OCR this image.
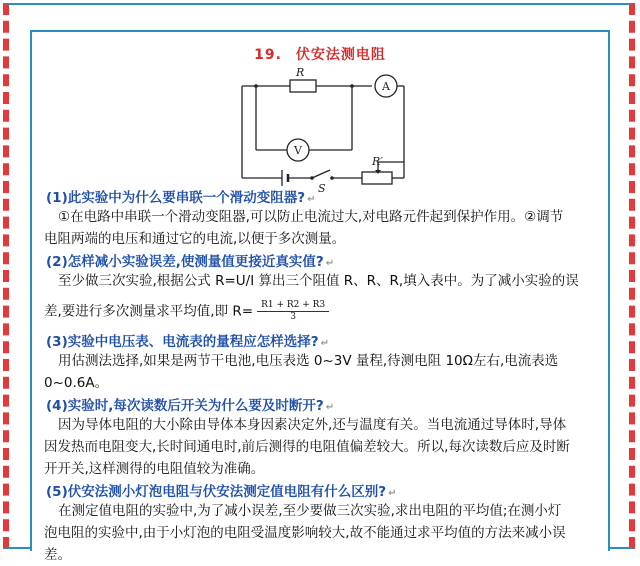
19. 伏安法测电阻
R
A
V
S
R′
(1)此实验中为什么要串联一个滑动变阻器? ↵
①在电路中串联一个滑动变阻器,可以防止电流过大,对电路元件起到保护作用。②调节
电阻两端的电压和通过它的电流,以便于多次测量。
(2)怎样减小实验误差,使测量值更接近真实值? ↵
至少做三次实验,根据公式 R=U/I 算出三个阻值 R、R、R,填入表中。为了减小实验的误
差,要进行多次测量求平均值,即 $R= \frac{R1 + R2 + R3}{3}$
(3)实验中电压表、电流表的量程应怎样选择? ↵
用估测法选择,如果是两节干电池,电压表选 0~3V 量程,待测电阻 10Ω左右,电流表选
0~0.6A。
(4)实验时,每次读数后开关为什么要及时断开? ↵
因为导体电阻的大小除由导体本身因素决定外,还与温度有关。当电流通过导体时,导体
因发热而电阻变大,长时间通电时,前后测得的电阻值偏差较大。所以,每次读数后应及时断
开开关,这样测得的电阻值较为准确。
(5)伏安法测小灯泡电阻与伏安法测定值电阻有什么区别? ↵
在测定值电阻的实验中,为了减小误差,至少要做三次实验,求出电阻的平均值;在测小灯
泡电阻的实验中,由于小灯泡的电阻受温度影响较大,故不能通过求平均值的方法来减小误
差。
